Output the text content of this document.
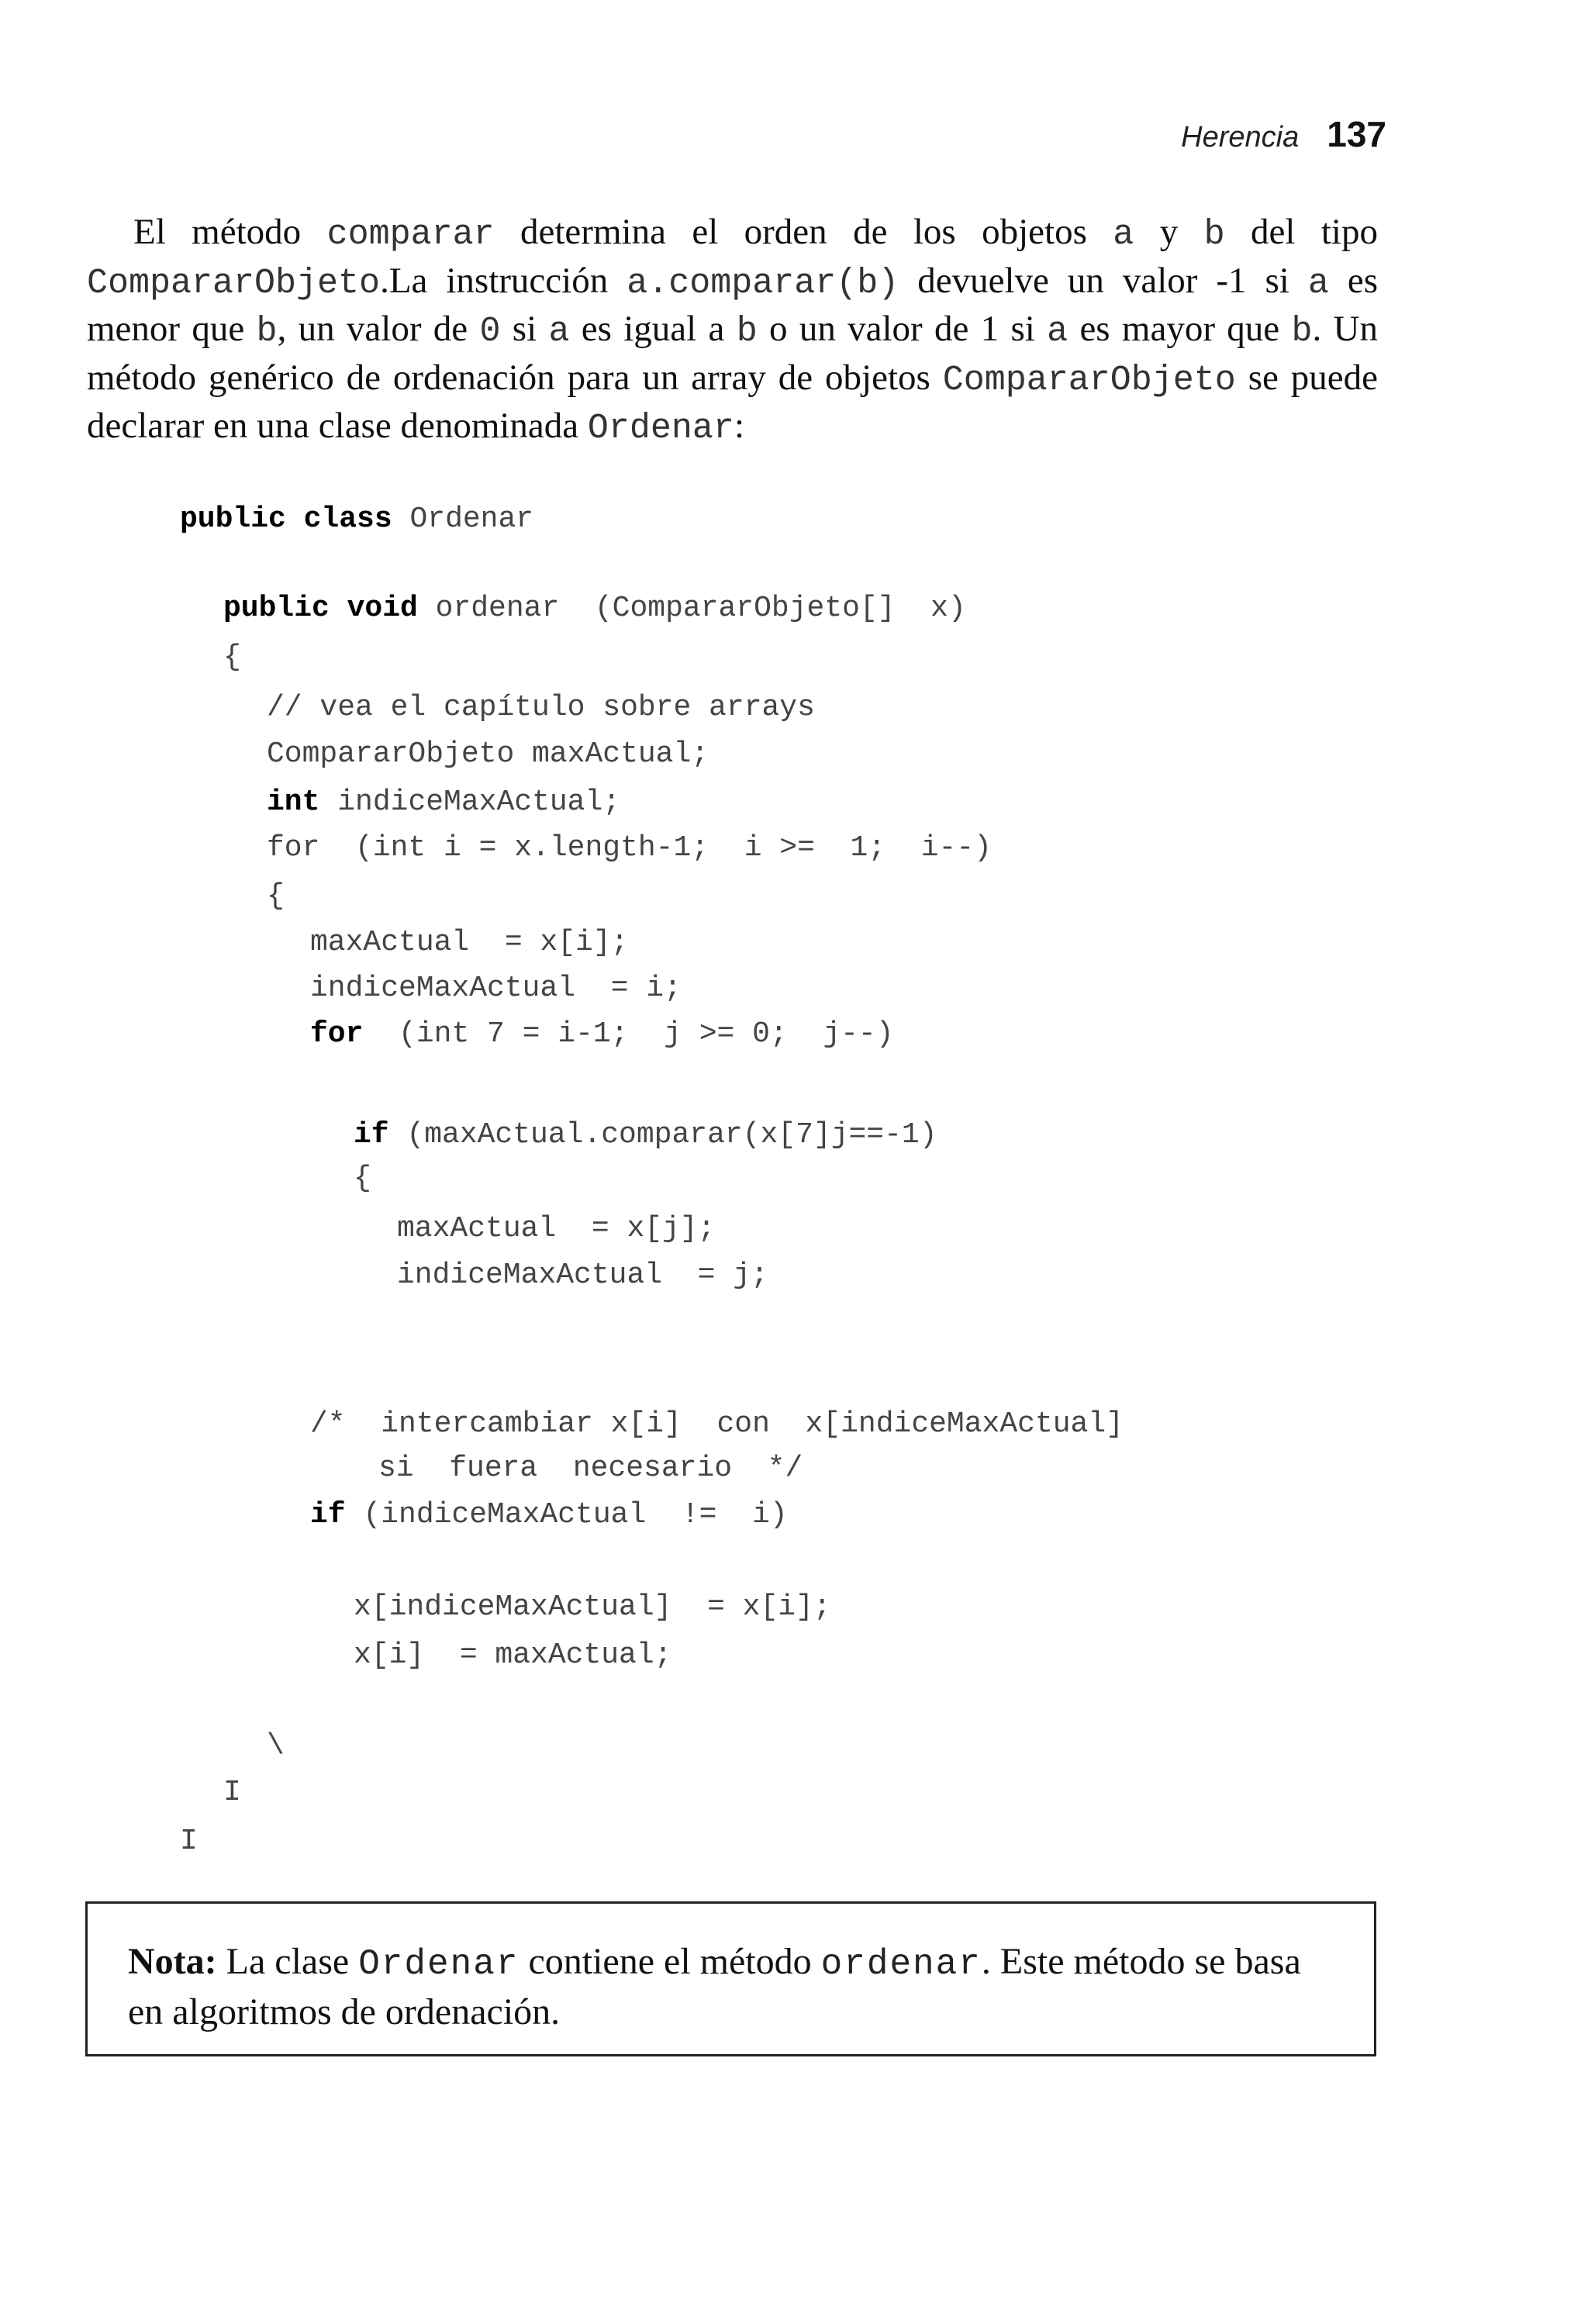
Herencia 137

El método comparar determina el orden de los objetos a y b del tipo CompararObjeto.La instrucción a.comparar(b) devuelve un valor -1 si a es menor que b, un valor de 0 si a es igual a b o un valor de 1 si a es mayor que b. Un método genérico de ordenación para un array de objetos CompararObjeto se puede declarar en una clase denominada Ordenar:

public class Ordenar
public void ordenar  (CompararObjeto[]  x)
{
// vea el capítulo sobre arrays
CompararObjeto maxActual;
int indiceMaxActual;
for  (int i = x.length-1;  i >=  1;  i--)
{
maxActual  = x[i];
indiceMaxActual  = i;
for  (int 7 = i-1;  j >= 0;  j--)
if (maxActual.comparar(x[7]j==-1)
{
maxActual  = x[j];
indiceMaxActual  = j;
/*  intercambiar x[i]  con  x[indiceMaxActual]
si  fuera  necesario  */
if (indiceMaxActual  !=  i)
x[indiceMaxActual]  = x[i];
x[i]  = maxActual;
\
I
I

Nota: La clase Ordenar contiene el método ordenar. Este método se basa en algoritmos de ordenación.
